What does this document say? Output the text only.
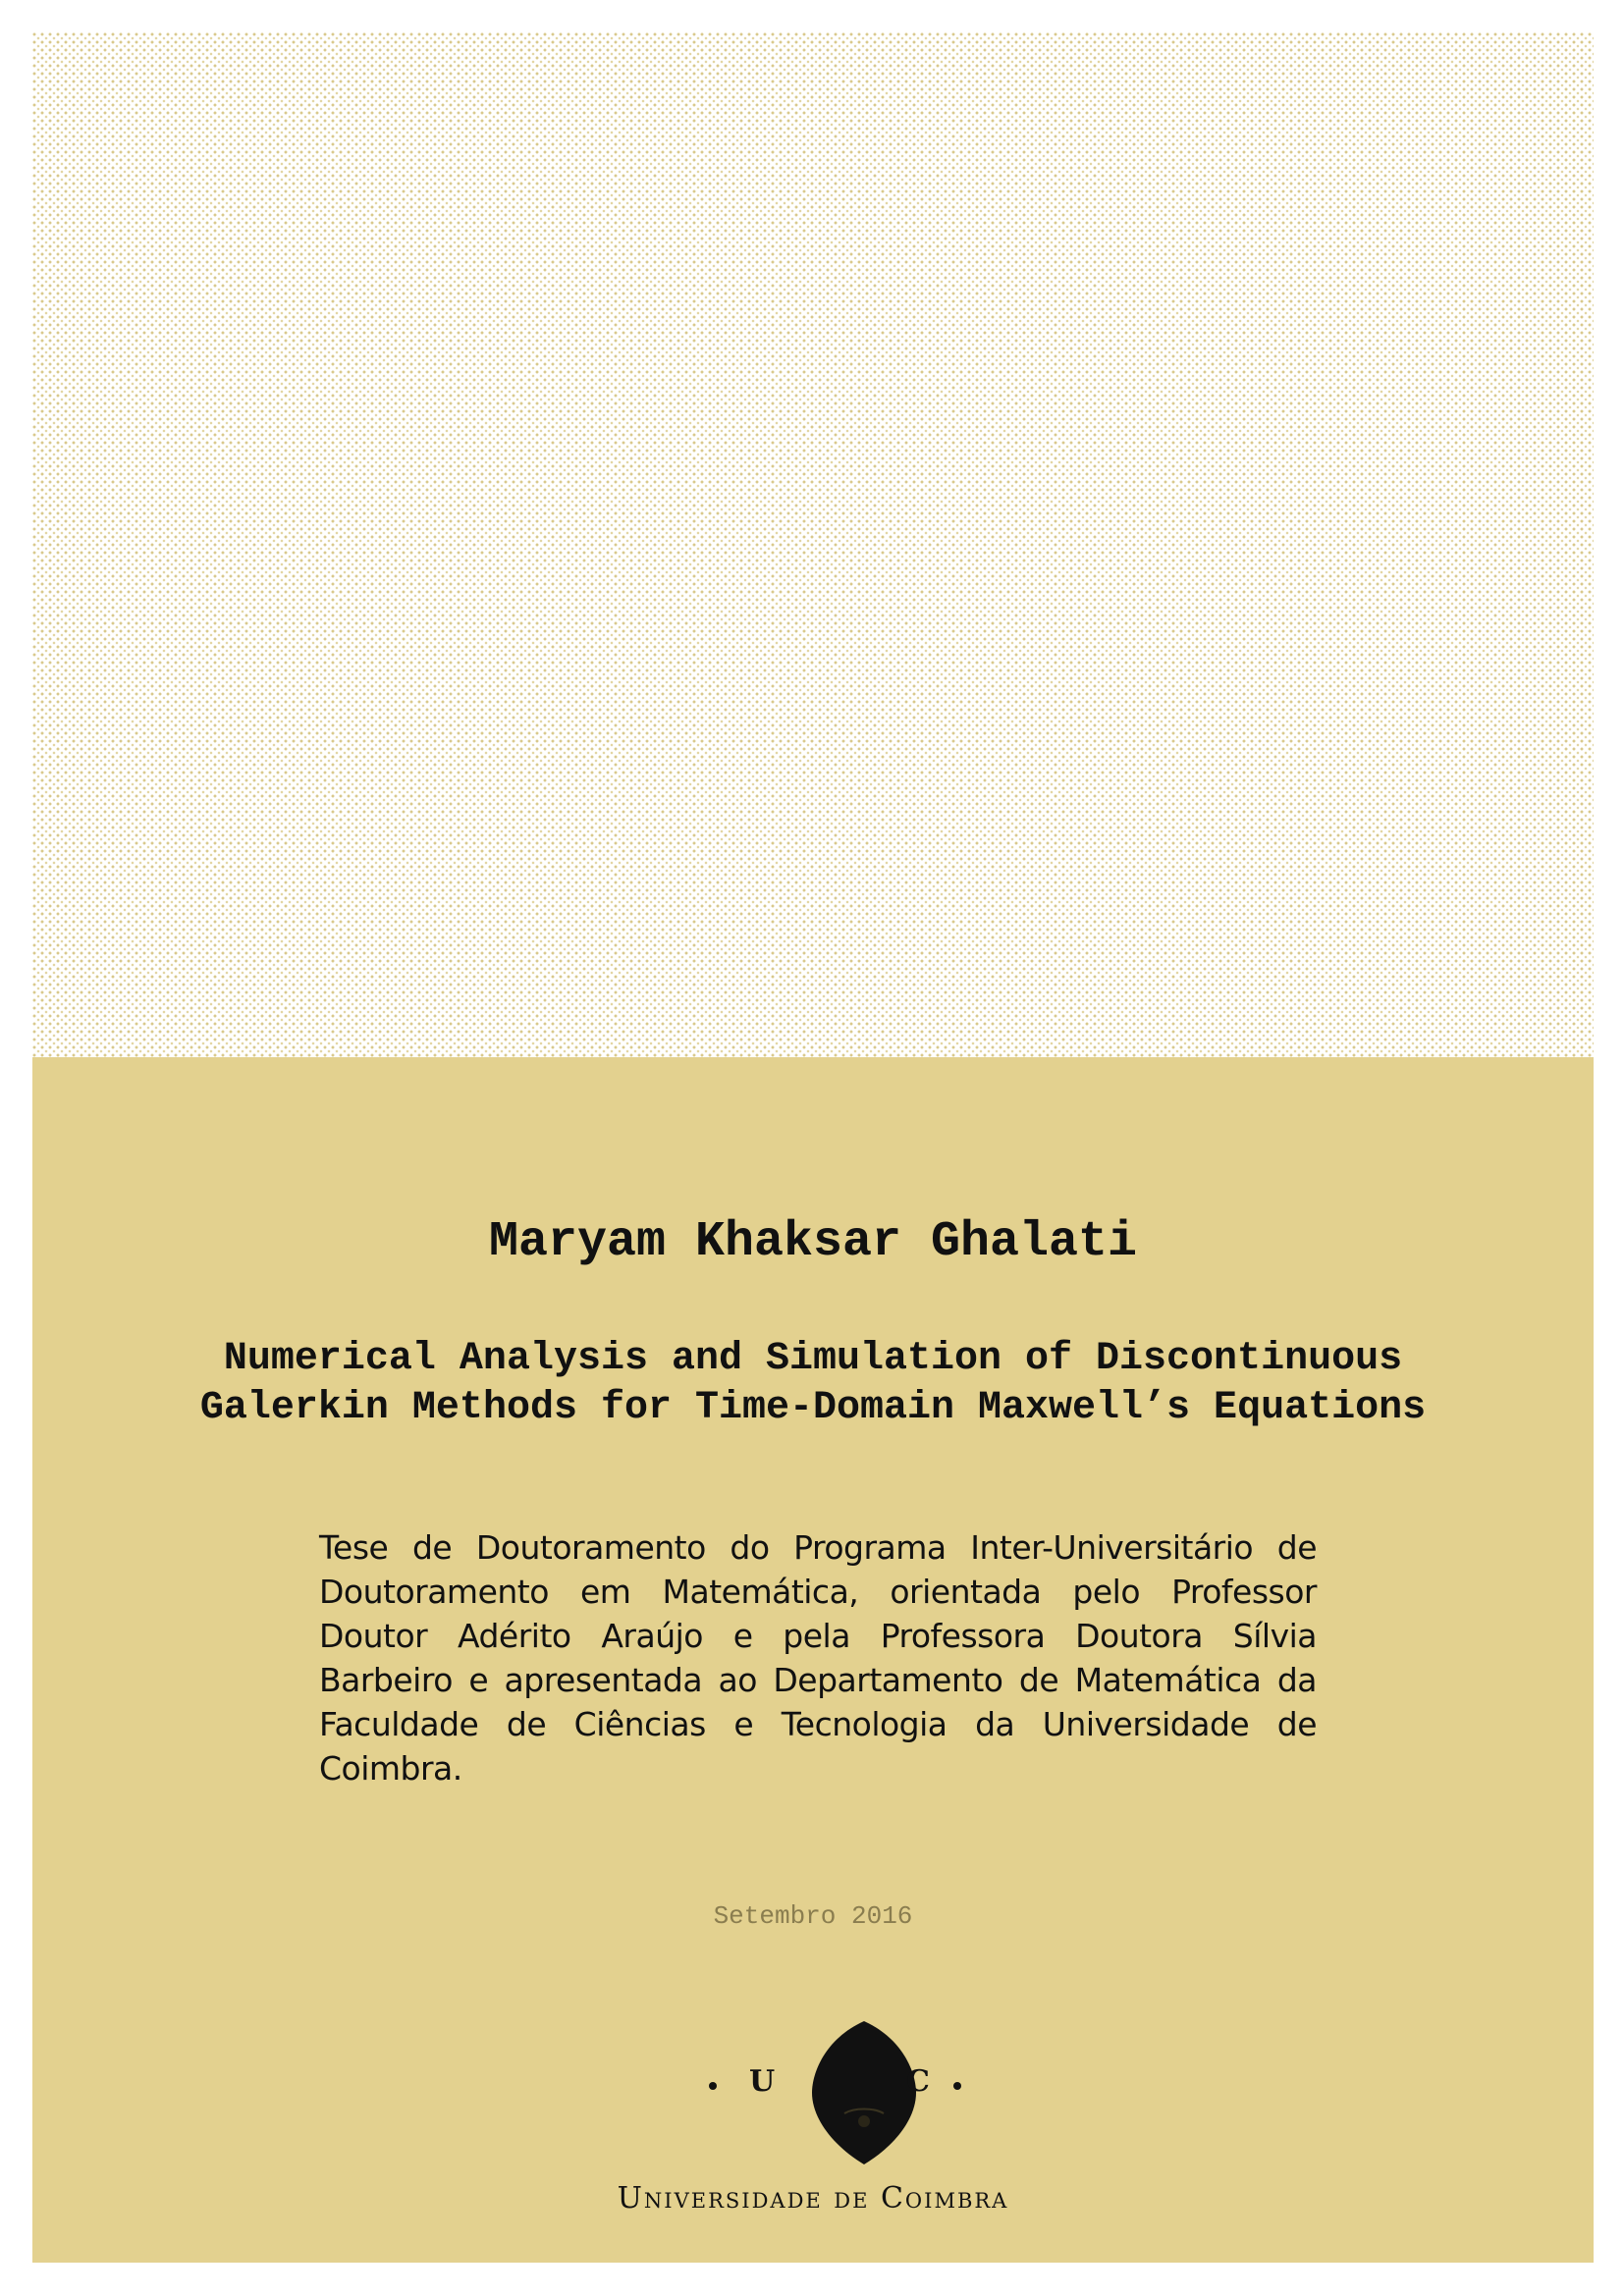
Maryam Khaksar Ghalati
Numerical Analysis and Simulation of Discontinuous
Galerkin Methods for Time-Domain Maxwell’s Equations

Tese de Doutoramento do Programa Inter-Universitário de Doutoramento em Matemática, orientada pelo Professor Doutor Adérito Araújo e pela Professora Doutora Sílvia Barbeiro e apresentada ao Departamento de Matemática da Faculdade de Ciências e Tecnologia da Universidade de Coimbra.

Setembro 2016

U	C

Universidade de Coimbra
